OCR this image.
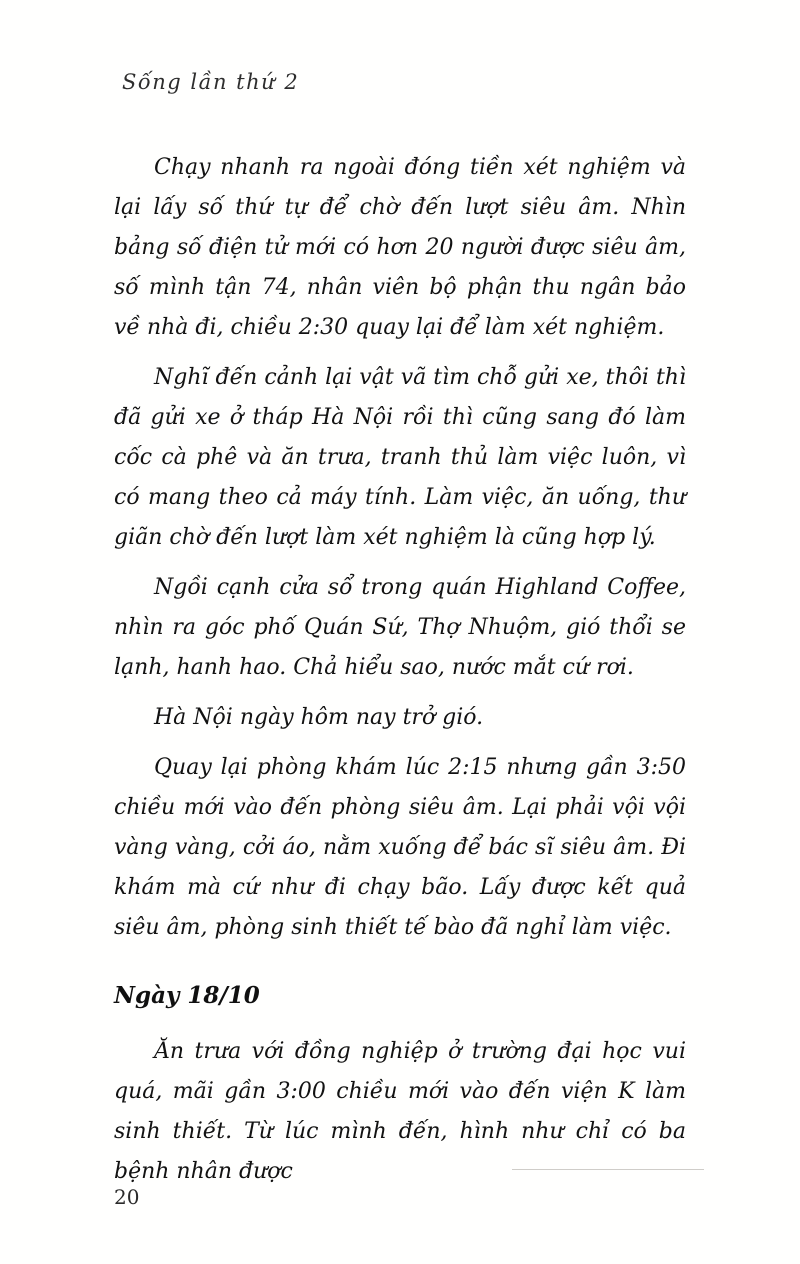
Sống lần thứ 2

Chạy nhanh ra ngoài đóng tiền xét nghiệm và lại lấy số thứ tự để chờ đến lượt siêu âm. Nhìn bảng số điện tử mới có hơn 20 người được siêu âm, số mình tận 74, nhân viên bộ phận thu ngân bảo về nhà đi, chiều 2:30 quay lại để làm xét nghiệm.

Nghĩ đến cảnh lại vật vã tìm chỗ gửi xe, thôi thì đã gửi xe ở tháp Hà Nội rồi thì cũng sang đó làm cốc cà phê và ăn trưa, tranh thủ làm việc luôn, vì có mang theo cả máy tính. Làm việc, ăn uống, thư giãn chờ đến lượt làm xét nghiệm là cũng hợp lý.

Ngồi cạnh cửa sổ trong quán Highland Coffee, nhìn ra góc phố Quán Sứ, Thợ Nhuộm, gió thổi se lạnh, hanh hao. Chả hiểu sao, nước mắt cứ rơi.

Hà Nội ngày hôm nay trở gió.

Quay lại phòng khám lúc 2:15 nhưng gần 3:50 chiều mới vào đến phòng siêu âm. Lại phải vội vội vàng vàng, cởi áo, nằm xuống để bác sĩ siêu âm. Đi khám mà cứ như đi chạy bão. Lấy được kết quả siêu âm, phòng sinh thiết tế bào đã nghỉ làm việc.

Ngày 18/10

Ăn trưa với đồng nghiệp ở trường đại học vui quá, mãi gần 3:00 chiều mới vào đến viện K làm sinh thiết. Từ lúc mình đến, hình như chỉ có ba bệnh nhân được

20
